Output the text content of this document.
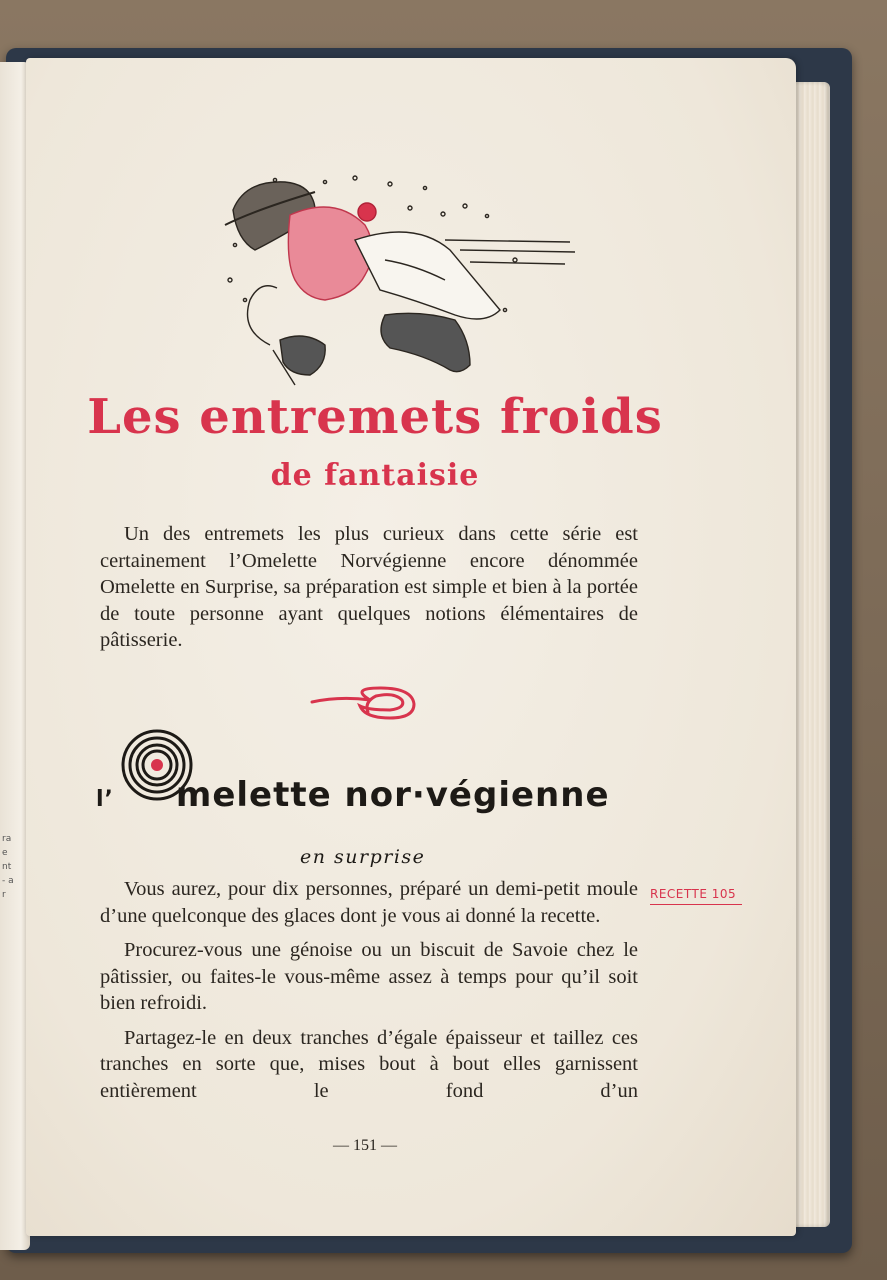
ra e nt- ar
Les entremets froids
de fantaisie

Un des entremets les plus curieux dans cette série est certainement l’Omelette Norvégienne encore dénommée Omelette en Surprise, sa préparation est simple et bien à la portée de toute personne ayant quelques notions élémentaires de pâtisserie.

l’ melette nor·végienne
en surprise
RECETTE 105

Vous aurez, pour dix personnes, préparé un demi-petit moule d’une quelconque des glaces dont je vous ai donné la recette.

Procurez-vous une génoise ou un biscuit de Savoie chez le pâtissier, ou faites-le vous-même assez à temps pour qu’il soit bien refroidi.

Partagez-le en deux tranches d’égale épaisseur et taillez ces tranches en sorte que, mises bout à bout elles garnissent entièrement le fond d’un

— 151 —
